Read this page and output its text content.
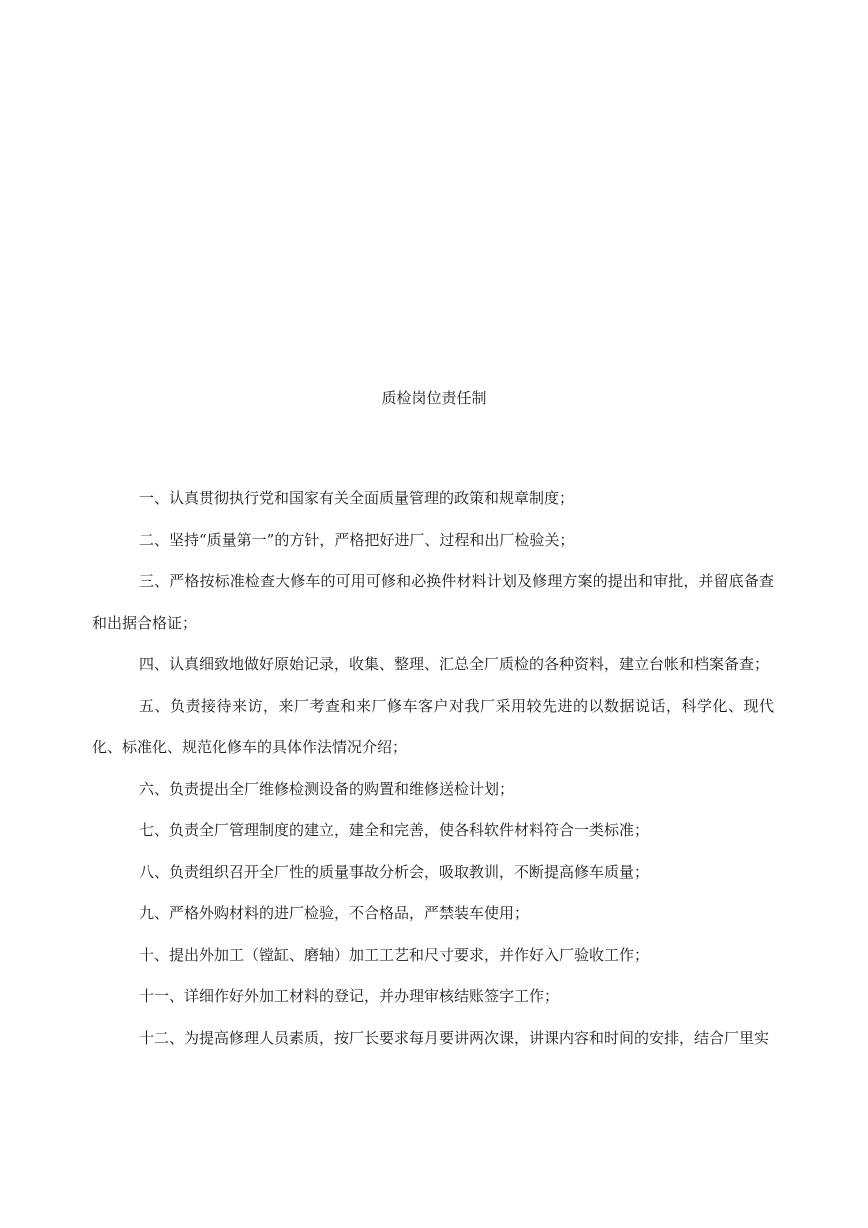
质检岗位责任制

一、认真贯彻执行党和国家有关全面质量管理的政策和规章制度；

二、坚持“质量第一”的方针，严格把好进厂、过程和出厂检验关；

三、严格按标准检查大修车的可用可修和必换件材料计划及修理方案的提出和审批，并留底备查和出据合格证；

四、认真细致地做好原始记录，收集、整理、汇总全厂质检的各种资料，建立台帐和档案备查；

五、负责接待来访，来厂考查和来厂修车客户对我厂采用较先进的以数据说话，科学化、现代化、标准化、规范化修车的具体作法情况介绍；

六、负责提出全厂维修检测设备的购置和维修送检计划；

七、负责全厂管理制度的建立，建全和完善，使各科软件材料符合一类标准；

八、负责组织召开全厂性的质量事故分析会，吸取教训，不断提高修车质量；

九、严格外购材料的进厂检验，不合格品，严禁装车使用；

十、提出外加工（镗缸、磨轴）加工工艺和尺寸要求，并作好入厂验收工作；

十一、详细作好外加工材料的登记，并办理审核结账签字工作；

十二、为提高修理人员素质，按厂长要求每月要讲两次课，讲课内容和时间的安排，结合厂里实
